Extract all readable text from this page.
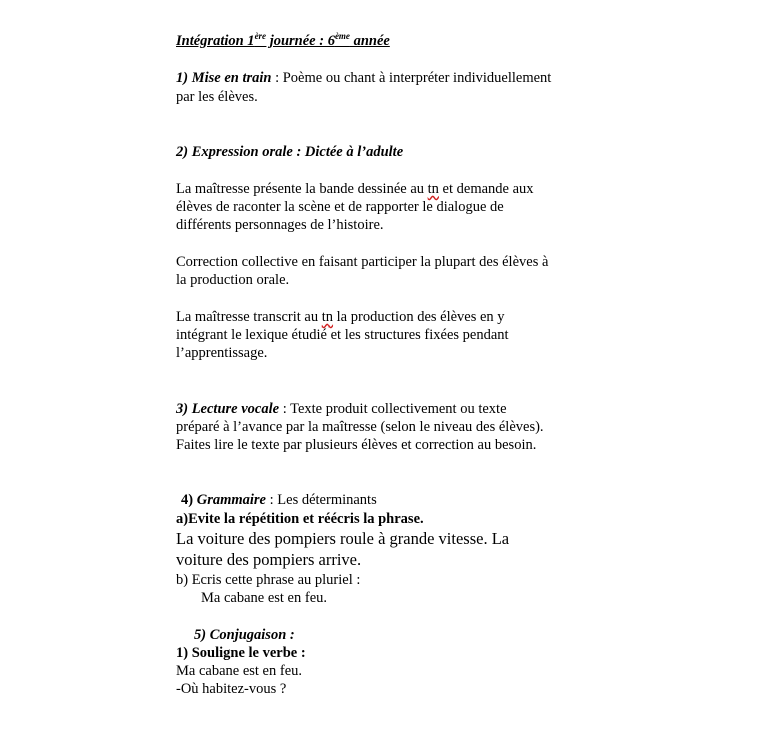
Intégration 1ère journée : 6ème année
1) Mise en train : Poème ou chant à interpréter individuellement
par les élèves.
2) Expression orale : Dictée à l’adulte
La maîtresse présente la bande dessinée au tn et demande aux
élèves de raconter la scène et de rapporter le dialogue de
différents personnages de l’histoire.
Correction collective en faisant participer la plupart des élèves à
la production orale.
La maîtresse transcrit au tn la production des élèves en y
intégrant le lexique étudié et les structures fixées pendant
l’apprentissage.
3) Lecture vocale : Texte produit collectivement ou texte
préparé à l’avance par la maîtresse (selon le niveau des élèves).
Faites lire le texte par plusieurs élèves et correction au besoin.
4) Grammaire : Les déterminants
a)Evite la répétition et réécris la phrase.
La voiture des pompiers roule à grande vitesse. La
voiture des pompiers arrive.
b) Ecris cette phrase au pluriel :
Ma cabane est en feu.
5) Conjugaison :
1) Souligne le verbe :
Ma cabane est en feu.
-Où habitez-vous ?
